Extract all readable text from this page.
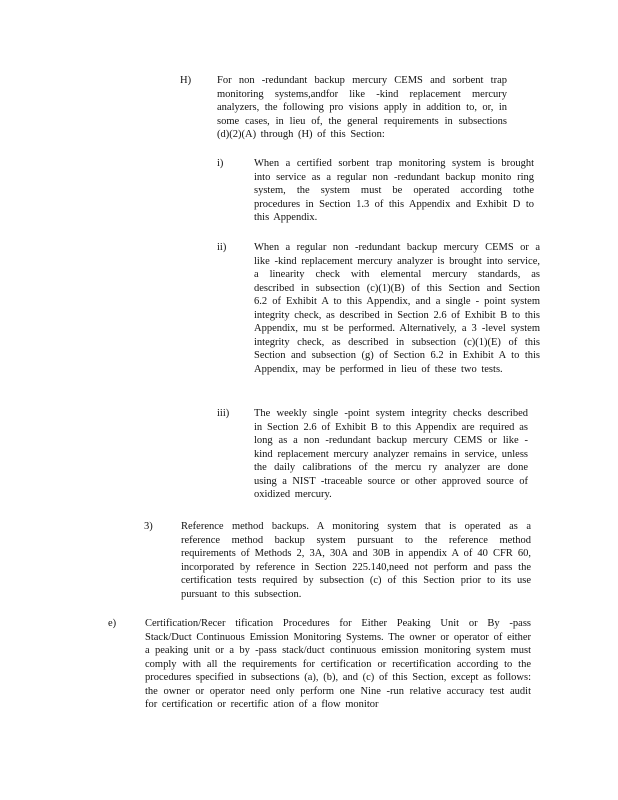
H) For non -redundant backup mercury CEMS and sorbent trap monitoring systems,andfor like -kind replacement mercury analyzers, the following pro visions apply in addition to, or, in some cases, in lieu of, the general requirements in subsections (d)(2)(A) through (H) of this Section:

i)	When a certified sorbent trap monitoring system is brought into service as a regular non -redundant backup monito ring system, the system must be operated according tothe procedures in Section 1.3 of this Appendix and Exhibit D to this Appendix.

ii)	When a regular non -redundant backup mercury CEMS or a like -kind replacement mercury analyzer is brought into service, a linearity check with elemental mercury standards, as described in subsection (c)(1)(B) of this Section and Section 6.2 of Exhibit A to this Appendix, and a single - point system integrity check, as described in Section 2.6 of Exhibit B to this Appendix, mu st be performed. Alternatively, a 3 -level system integrity check, as described in subsection (c)(1)(E) of this Section and subsection (g) of Section 6.2 in Exhibit A to this Appendix, may be performed in lieu of these two tests.

iii) The weekly single -point system integrity checks described in Section 2.6 of Exhibit B to this Appendix are required as long as a non -redundant backup mercury CEMS or like - kind replacement mercury analyzer remains in service, unless the daily calibrations of the mercu ry analyzer are done using a NIST -traceable source or other approved source of oxidized mercury.

3)	Reference method backups. A monitoring system that is operated as a reference method backup system pursuant to the reference method requirements of Methods 2, 3A, 30A and 30B in appendix A of 40 CFR 60, incorporated by reference in Section 225.140,need not perform and pass the certification tests required by subsection (c) of this Section prior to its use pursuant to this subsection.

e)	Certification/Recer tification Procedures for Either Peaking Unit or By -pass Stack/Duct Continuous Emission Monitoring Systems. The owner or operator of either a peaking unit or a by -pass stack/duct continuous emission monitoring system must comply with all the requirements for certification or recertification according to the procedures specified in subsections (a), (b), and (c) of this Section, except as follows: the owner or operator need only perform one Nine -run relative accuracy test audit for certification or recertific ation of a flow monitor
